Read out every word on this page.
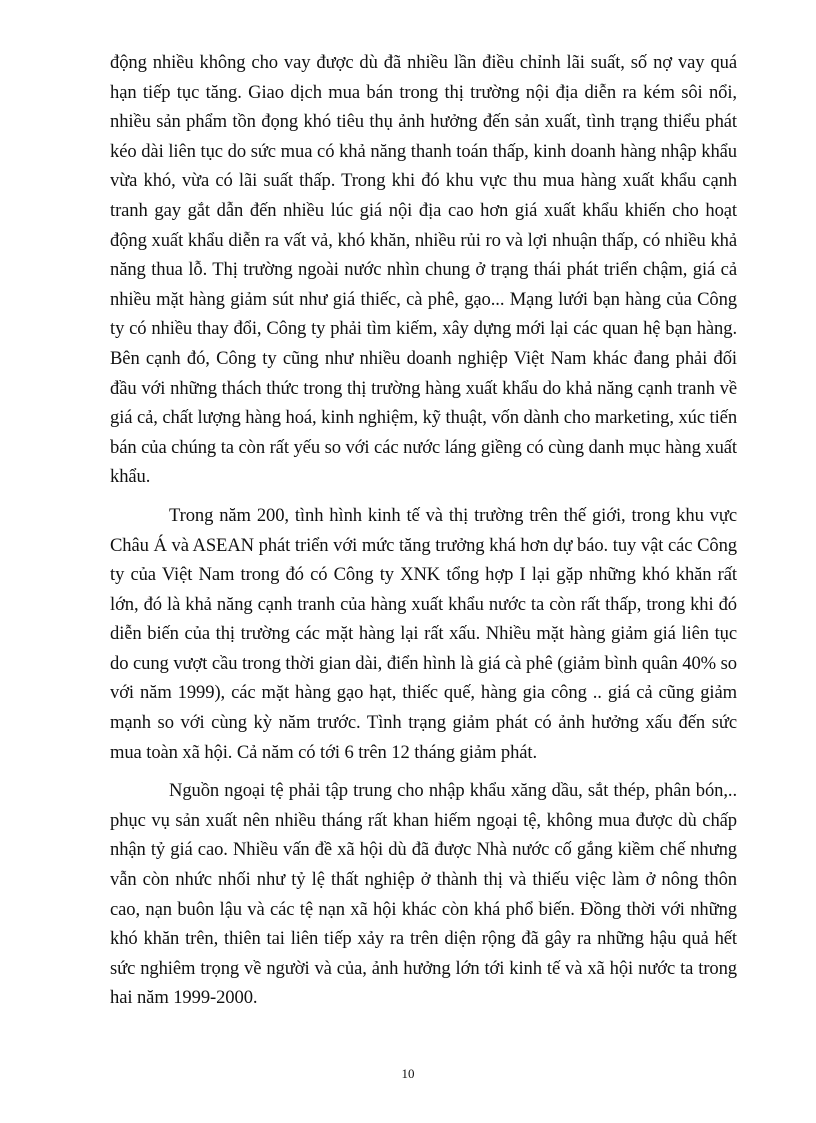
động nhiều không cho vay được dù đã nhiều lần điều chỉnh lãi suất, số nợ vay quá hạn tiếp tục tăng. Giao dịch mua bán trong thị trường nội địa diễn ra kém sôi nổi, nhiều sản phẩm tồn đọng khó tiêu thụ ảnh hưởng đến sản xuất, tình trạng thiểu phát kéo dài liên tục do sức mua có khả năng thanh toán thấp, kinh doanh hàng nhập khẩu vừa khó, vừa có lãi suất thấp. Trong khi đó khu vực thu mua hàng xuất khẩu cạnh tranh gay gắt dẫn đến nhiều lúc giá nội địa cao hơn giá xuất khẩu khiến cho hoạt động xuất khẩu diễn ra vất vả, khó khăn, nhiều rủi ro và lợi nhuận thấp, có nhiều khả năng thua lỗ. Thị trường ngoài nước nhìn chung ở trạng thái phát triển chậm, giá cả nhiều mặt hàng giảm sút như giá thiếc, cà phê, gạo... Mạng lưới bạn hàng của Công ty có nhiều thay đổi, Công ty phải tìm kiếm, xây dựng mới lại các quan hệ bạn hàng. Bên cạnh đó, Công ty cũng như nhiều doanh nghiệp Việt Nam khác đang phải đối đầu với những thách thức trong thị trường hàng xuất khẩu do khả năng cạnh tranh về giá cả, chất lượng hàng hoá, kinh nghiệm, kỹ thuật, vốn dành cho marketing, xúc tiến bán của chúng ta còn rất yếu so với các nước láng giềng có cùng danh mục hàng xuất khẩu.

Trong năm 200, tình hình kinh tế và thị trường trên thế giới, trong khu vực Châu Á và ASEAN phát triển với mức tăng trưởng khá hơn dự báo. tuy vật các Công ty của Việt Nam trong đó có Công ty XNK tổng hợp I lại gặp những khó khăn rất lớn, đó là khả năng cạnh tranh của hàng xuất khẩu nước ta còn rất thấp, trong khi đó diễn biến của thị trường các mặt hàng lại rất xấu. Nhiều mặt hàng giảm giá liên tục do cung vượt cầu trong thời gian dài, điển hình là giá cà phê (giảm bình quân 40% so với năm 1999), các mặt hàng gạo hạt, thiếc quế, hàng gia công .. giá cả cũng giảm mạnh so với cùng kỳ năm trước. Tình trạng giảm phát có ảnh hưởng xấu đến sức mua toàn xã hội. Cả năm có tới 6 trên 12 tháng giảm phát.

Nguồn ngoại tệ phải tập trung cho nhập khẩu xăng dầu, sắt thép, phân bón,.. phục vụ sản xuất nên nhiều tháng rất khan hiếm ngoại tệ, không mua được dù chấp nhận tỷ giá cao. Nhiều vấn đề xã hội dù đã được Nhà nước cố gắng kiềm chế nhưng vẫn còn nhức nhối như tỷ lệ thất nghiệp ở thành thị và thiếu việc làm ở nông thôn cao, nạn buôn lậu và các tệ nạn xã hội khác còn khá phổ biến. Đồng thời với những khó khăn trên, thiên tai liên tiếp xảy ra trên diện rộng đã gây ra những hậu quả hết sức nghiêm trọng về người và của, ảnh hưởng lớn tới kinh tế và xã hội nước ta trong hai năm 1999-2000.

10
